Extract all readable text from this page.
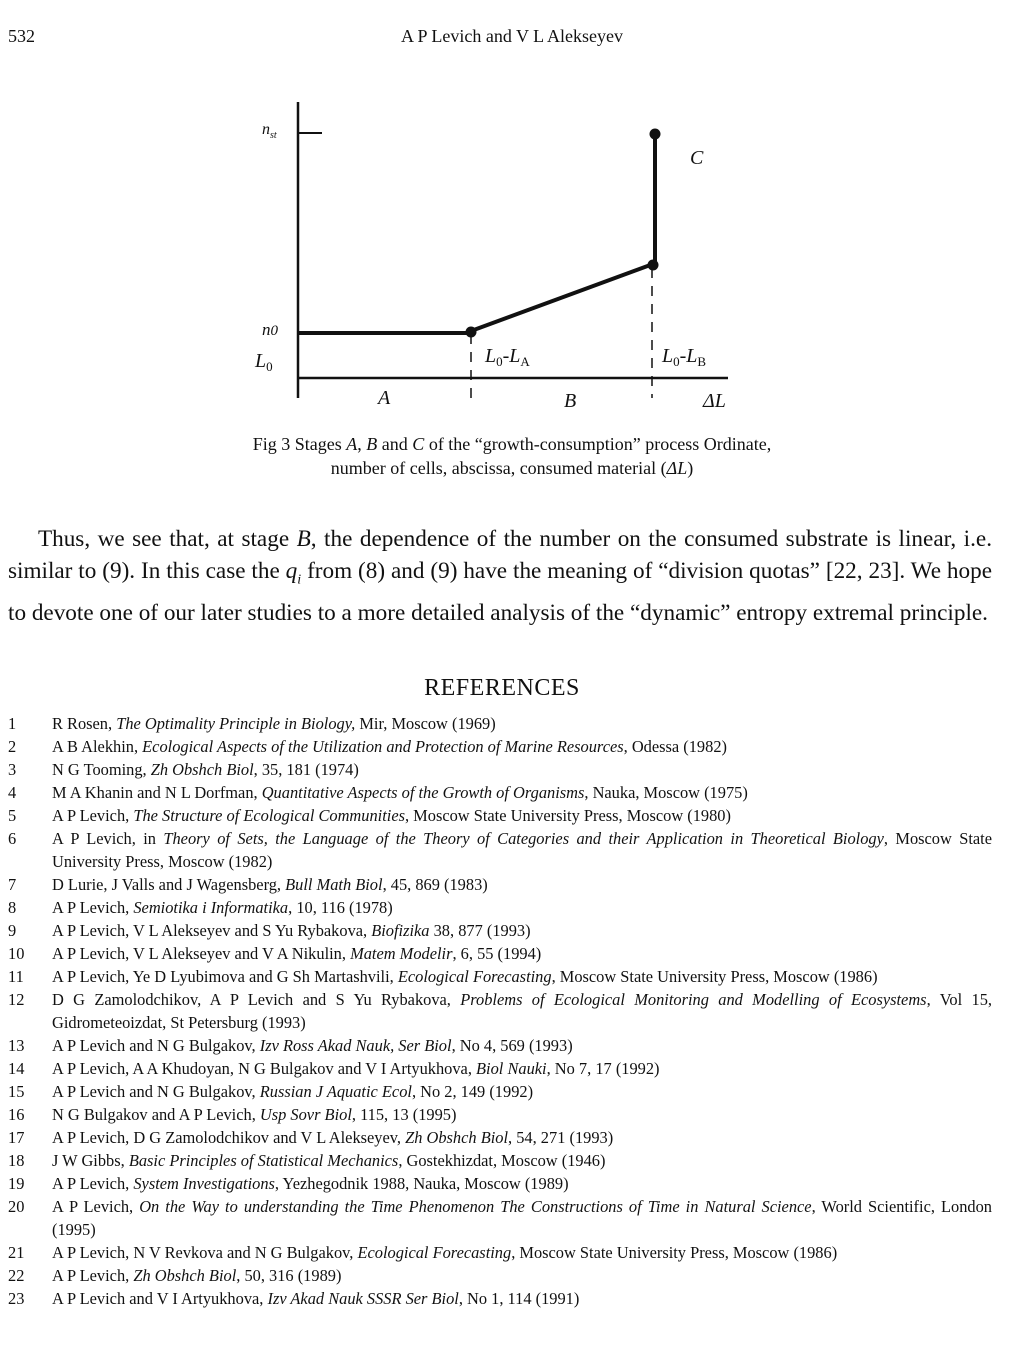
532	A P Levich and V L Alekseyev
$n_{st}$
n0
$L_0$
C
$L_0-L_A$	$L_0-L_B$
A	B	ΔL
Fig 3 Stages A, B and C of the “growth-consumption” process Ordinate,
number of cells, abscissa, consumed material (ΔL)

Thus, we see that, at stage B, the dependence of the number on the consumed substrate is linear, i.e. similar to (9). In this case the $q_i$ from (8) and (9) have the meaning of “division quotas” [22, 23]. We hope to devote one of our later studies to a more detailed analysis of the “dynamic” entropy extremal principle.

REFERENCES
1	R Rosen, The Optimality Principle in Biology, Mir, Moscow (1969)
2	A B Alekhin, Ecological Aspects of the Utilization and Protection of Marine Resources, Odessa (1982)
3	N G Tooming, Zh Obshch Biol, 35, 181 (1974)
4	M A Khanin and N L Dorfman, Quantitative Aspects of the Growth of Organisms, Nauka, Moscow (1975)
5	A P Levich, The Structure of Ecological Communities, Moscow State University Press, Moscow (1980)
6	A P Levich, in Theory of Sets, the Language of the Theory of Categories and their Application in Theoretical Biology, Moscow State University Press, Moscow (1982)
7	D Lurie, J Valls and J Wagensberg, Bull Math Biol, 45, 869 (1983)
8	A P Levich, Semiotika i Informatika, 10, 116 (1978)
9	A P Levich, V L Alekseyev and S Yu Rybakova, Biofizika 38, 877 (1993)
10	A P Levich, V L Alekseyev and V A Nikulin, Matem Modelir, 6, 55 (1994)
11	A P Levich, Ye D Lyubimova and G Sh Martashvili, Ecological Forecasting, Moscow State University Press, Moscow (1986)
12	D G Zamolodchikov, A P Levich and S Yu Rybakova, Problems of Ecological Monitoring and Modelling of Ecosystems, Vol 15, Gidrometeoizdat, St Petersburg (1993)
13	A P Levich and N G Bulgakov, Izv Ross Akad Nauk, Ser Biol, No 4, 569 (1993)
14	A P Levich, A A Khudoyan, N G Bulgakov and V I Artyukhova, Biol Nauki, No 7, 17 (1992)
15	A P Levich and N G Bulgakov, Russian J Aquatic Ecol, No 2, 149 (1992)
16	N G Bulgakov and A P Levich, Usp Sovr Biol, 115, 13 (1995)
17	A P Levich, D G Zamolodchikov and V L Alekseyev, Zh Obshch Biol, 54, 271 (1993)
18	J W Gibbs, Basic Principles of Statistical Mechanics, Gostekhizdat, Moscow (1946)
19	A P Levich, System Investigations, Yezhegodnik 1988, Nauka, Moscow (1989)
20	A P Levich, On the Way to understanding the Time Phenomenon The Constructions of Time in Natural Science, World Scientific, London (1995)
21	A P Levich, N V Revkova and N G Bulgakov, Ecological Forecasting, Moscow State University Press, Moscow (1986)
22	A P Levich, Zh Obshch Biol, 50, 316 (1989)
23	A P Levich and V I Artyukhova, Izv Akad Nauk SSSR Ser Biol, No 1, 114 (1991)
